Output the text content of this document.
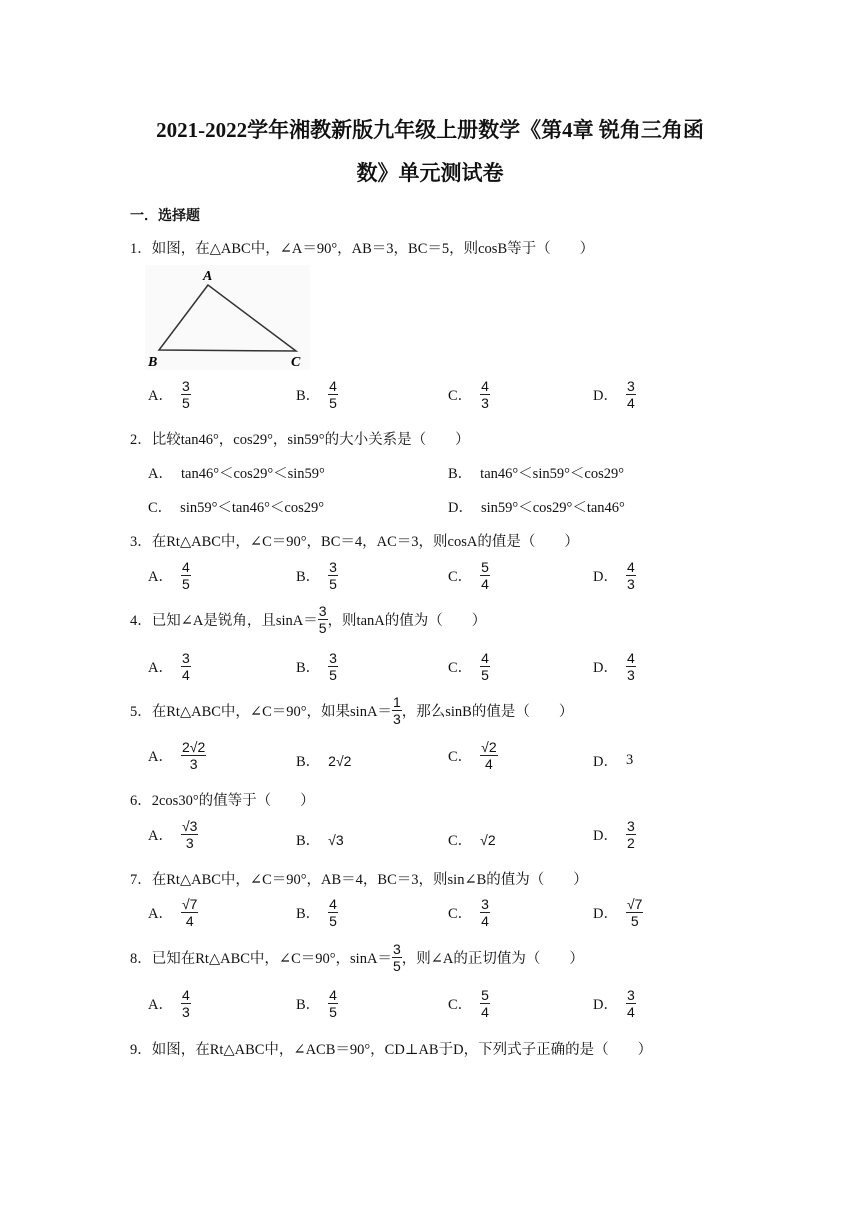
2021-2022学年湘教新版九年级上册数学《第4章 锐角三角函
数》单元测试卷
一．选择题
1．如图，在△ABC中，∠A＝90°，AB＝3，BC＝5，则cosB等于（　　）
A
B	C
A． $\frac{3}{5}$	B． $\frac{4}{5}$	C． $\frac{4}{3}$	D． $\frac{3}{4}$
2．比较tan46°，cos29°，sin59°的大小关系是（　　）
A． tan46°＜cos29°＜sin59°	B． tan46°＜sin59°＜cos29°
C． sin59°＜tan46°＜cos29°	D． sin59°＜cos29°＜tan46°
3．在Rt△ABC中，∠C＝90°，BC＝4，AC＝3，则cosA的值是（　　）
A． $\frac{4}{5}$	B． $\frac{3}{5}$	C． $\frac{5}{4}$	D． $\frac{4}{3}$
4．已知∠A是锐角，且$\sin A= \frac{3}{5}$ ，则tanA的值为（　　）
A． $\frac{3}{4}$	B． $\frac{3}{5}$	C． $\frac{4}{5}$	D． $\frac{4}{3}$
5．在Rt△ABC中，∠C＝90°，如果$\sin A= \frac{1}{3}$ ，那么sinB的值是（　　）
A． $\frac{2√2}{3}$	B． 2√2	C． $\frac{√2}{4}$	D． 3
6．2cos30°的值等于（　　）
A． $\frac{√3}{3}$	B． √3	C． √2	D． $\frac{3}{2}$
7．在Rt△ABC中，∠C＝90°，AB＝4，BC＝3，则sin∠B的值为（　　）
A． $\frac{√7}{4}$	B． $\frac{4}{5}$	C． $\frac{3}{4}$	D． $\frac{√7}{5}$
8．已知在Rt△ABC中，∠C＝90°，$\sin A= \frac{3}{5}$ ，则∠A的正切值为（　　）
A． $\frac{4}{3}$	B． $\frac{4}{5}$	C． $\frac{5}{4}$	D． $\frac{3}{4}$
9．如图，在Rt△ABC中，∠ACB＝90°，CD⊥AB于D，下列式子正确的是（　　）
